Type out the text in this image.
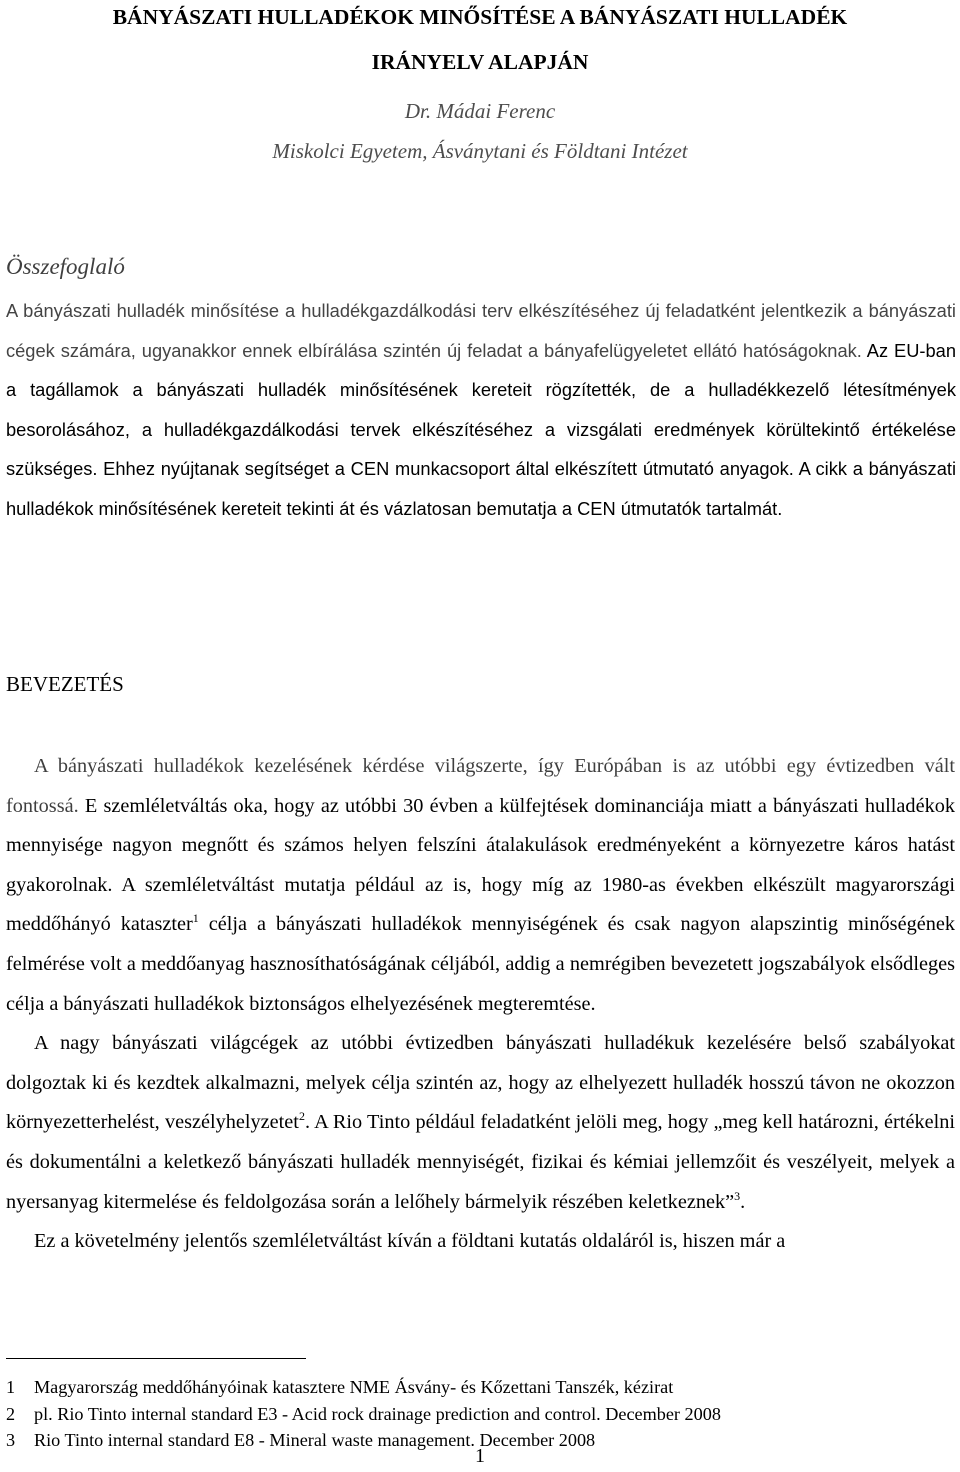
BÁNYÁSZATI HULLADÉKOK MINŐSÍTÉSE A BÁNYÁSZATI HULLADÉK
IRÁNYELV ALAPJÁN
Dr. Mádai Ferenc
Miskolci Egyetem, Ásványtani és Földtani Intézet
Összefoglaló
A bányászati hulladék minősítése a hulladékgazdálkodási terv elkészítéséhez új feladatként jelentkezik a bányászati cégek számára, ugyanakkor ennek elbírálása szintén új feladat a bányafelügyeletet ellátó hatóságoknak. Az EU-ban a tagállamok a bányászati hulladék minősítésének kereteit rögzítették, de a hulladékkezelő létesítmények besorolásához, a hulladékgazdálkodási tervek elkészítéséhez a vizsgálati eredmények körültekintő értékelése szükséges. Ehhez nyújtanak segítséget a CEN munkacsoport által elkészített útmutató anyagok. A cikk a bányászati hulladékok minősítésének kereteit tekinti át és vázlatosan bemutatja a CEN útmutatók tartalmát.
BEVEZETÉS

A bányászati hulladékok kezelésének kérdése világszerte, így Európában is az utóbbi egy évtizedben vált fontossá. E szemléletváltás oka, hogy az utóbbi 30 évben a külfejtések dominanciája miatt a bányászati hulladékok mennyisége nagyon megnőtt és számos helyen felszíni átalakulások eredményeként a környezetre káros hatást gyakorolnak. A szemléletváltást mutatja például az is, hogy míg az 1980-as években elkészült magyarországi meddőhányó kataszter$^1$ célja a bányászati hulladékok mennyiségének és csak nagyon alapszintig minőségének felmérése volt a meddőanyag hasznosíthatóságának céljából, addig a nemrégiben bevezetett jogszabályok elsődleges célja a bányászati hulladékok biztonságos elhelyezésének megteremtése.

A nagy bányászati világcégek az utóbbi évtizedben bányászati hulladékuk kezelésére belső szabályokat dolgoztak ki és kezdtek alkalmazni, melyek célja szintén az, hogy az elhelyezett hulladék hosszú távon ne okozzon környezetterhelést, veszélyhelyzetet$^2$. A Rio Tinto például feladatként jelöli meg, hogy „meg kell határozni, értékelni és dokumentálni a keletkező bányászati hulladék mennyiségét, fizikai és kémiai jellemzőit és veszélyeit, melyek a nyersanyag kitermelése és feldolgozása során a lelőhely bármelyik részében keletkeznek”$^3$.

Ez a követelmény jelentős szemléletváltást kíván a földtani kutatás oldaláról is, hiszen már a

1 Magyarország meddőhányóinak katasztere NME Ásvány- és Kőzettani Tanszék, kézirat
2 pl. Rio Tinto internal standard E3 - Acid rock drainage prediction and control. December 2008
3 Rio Tinto internal standard E8 - Mineral waste management. December 2008
1
